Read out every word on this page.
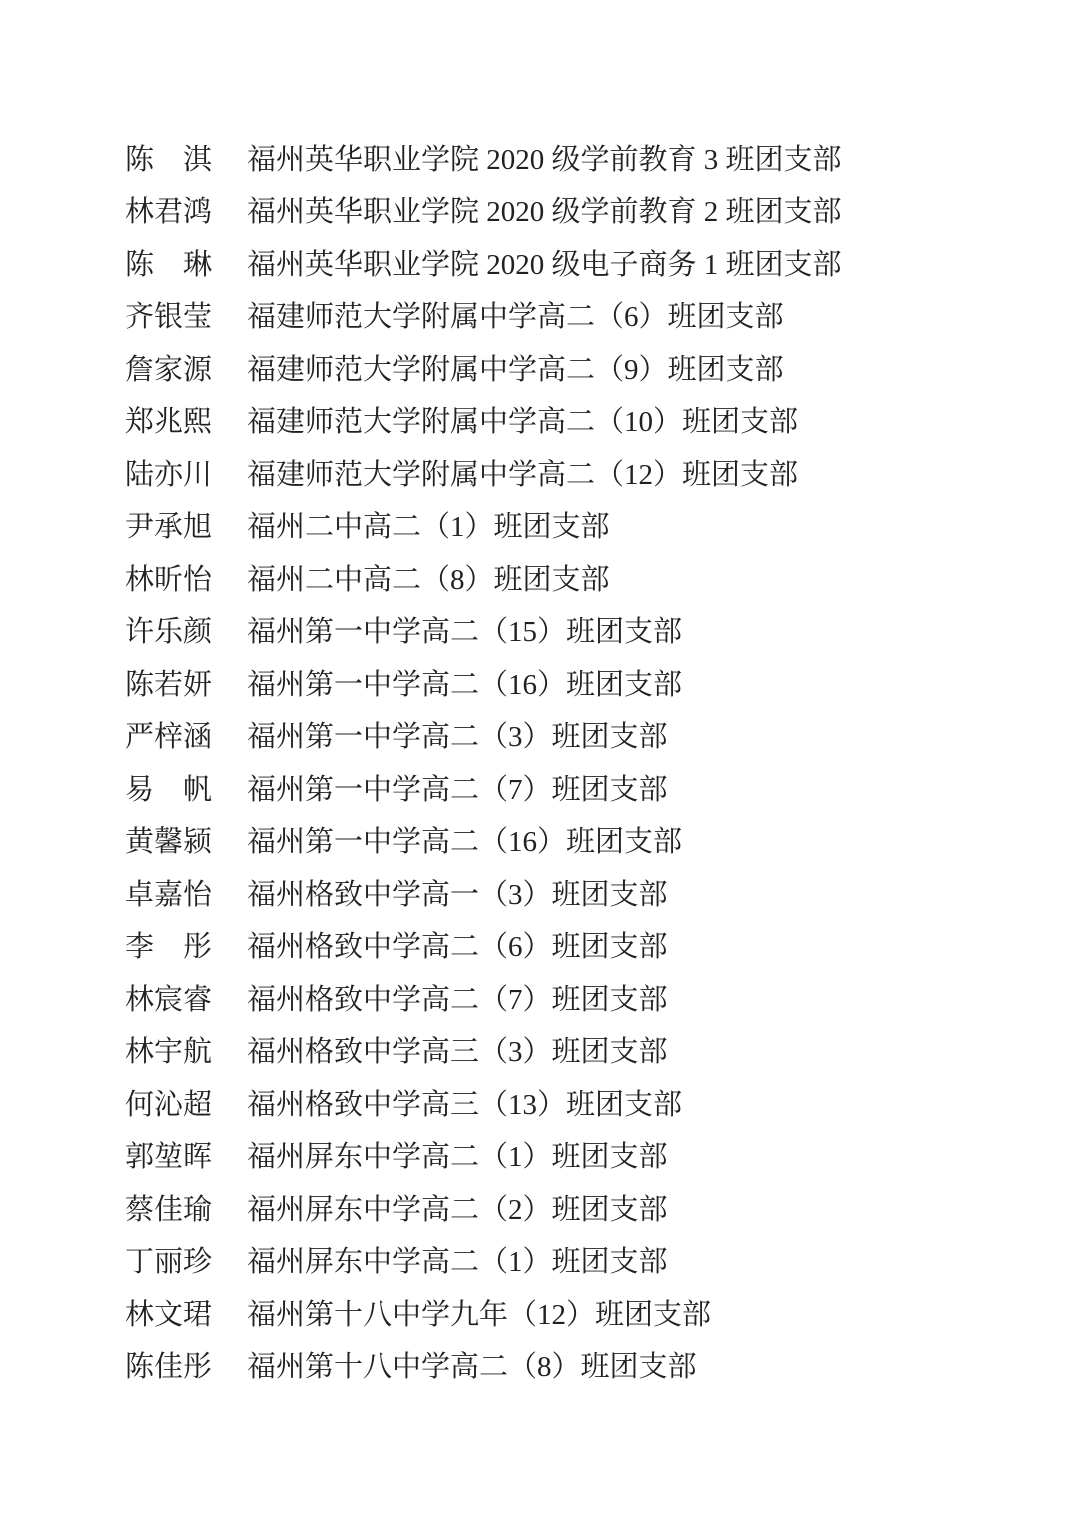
陈淇 福州英华职业学院 2020 级学前教育 3 班团支部
林君鸿 福州英华职业学院 2020 级学前教育 2 班团支部
陈琳 福州英华职业学院 2020 级电子商务 1 班团支部
齐银莹 福建师范大学附属中学高二（6）班团支部
詹家源 福建师范大学附属中学高二（9）班团支部
郑兆熙 福建师范大学附属中学高二（10）班团支部
陆亦川 福建师范大学附属中学高二（12）班团支部
尹承旭 福州二中高二（1）班团支部
林昕怡 福州二中高二（8）班团支部
许乐颜 福州第一中学高二（15）班团支部
陈若妍 福州第一中学高二（16）班团支部
严梓涵 福州第一中学高二（3）班团支部
易帆 福州第一中学高二（7）班团支部
黄馨颍 福州第一中学高二（16）班团支部
卓嘉怡 福州格致中学高一（3）班团支部
李彤 福州格致中学高二（6）班团支部
林宸睿 福州格致中学高二（7）班团支部
林宇航 福州格致中学高三（3）班团支部
何沁超 福州格致中学高三（13）班团支部
郭堃晖 福州屏东中学高二（1）班团支部
蔡佳瑜 福州屏东中学高二（2）班团支部
丁丽珍 福州屏东中学高二（1）班团支部
林文珺 福州第十八中学九年（12）班团支部
陈佳彤 福州第十八中学高二（8）班团支部
